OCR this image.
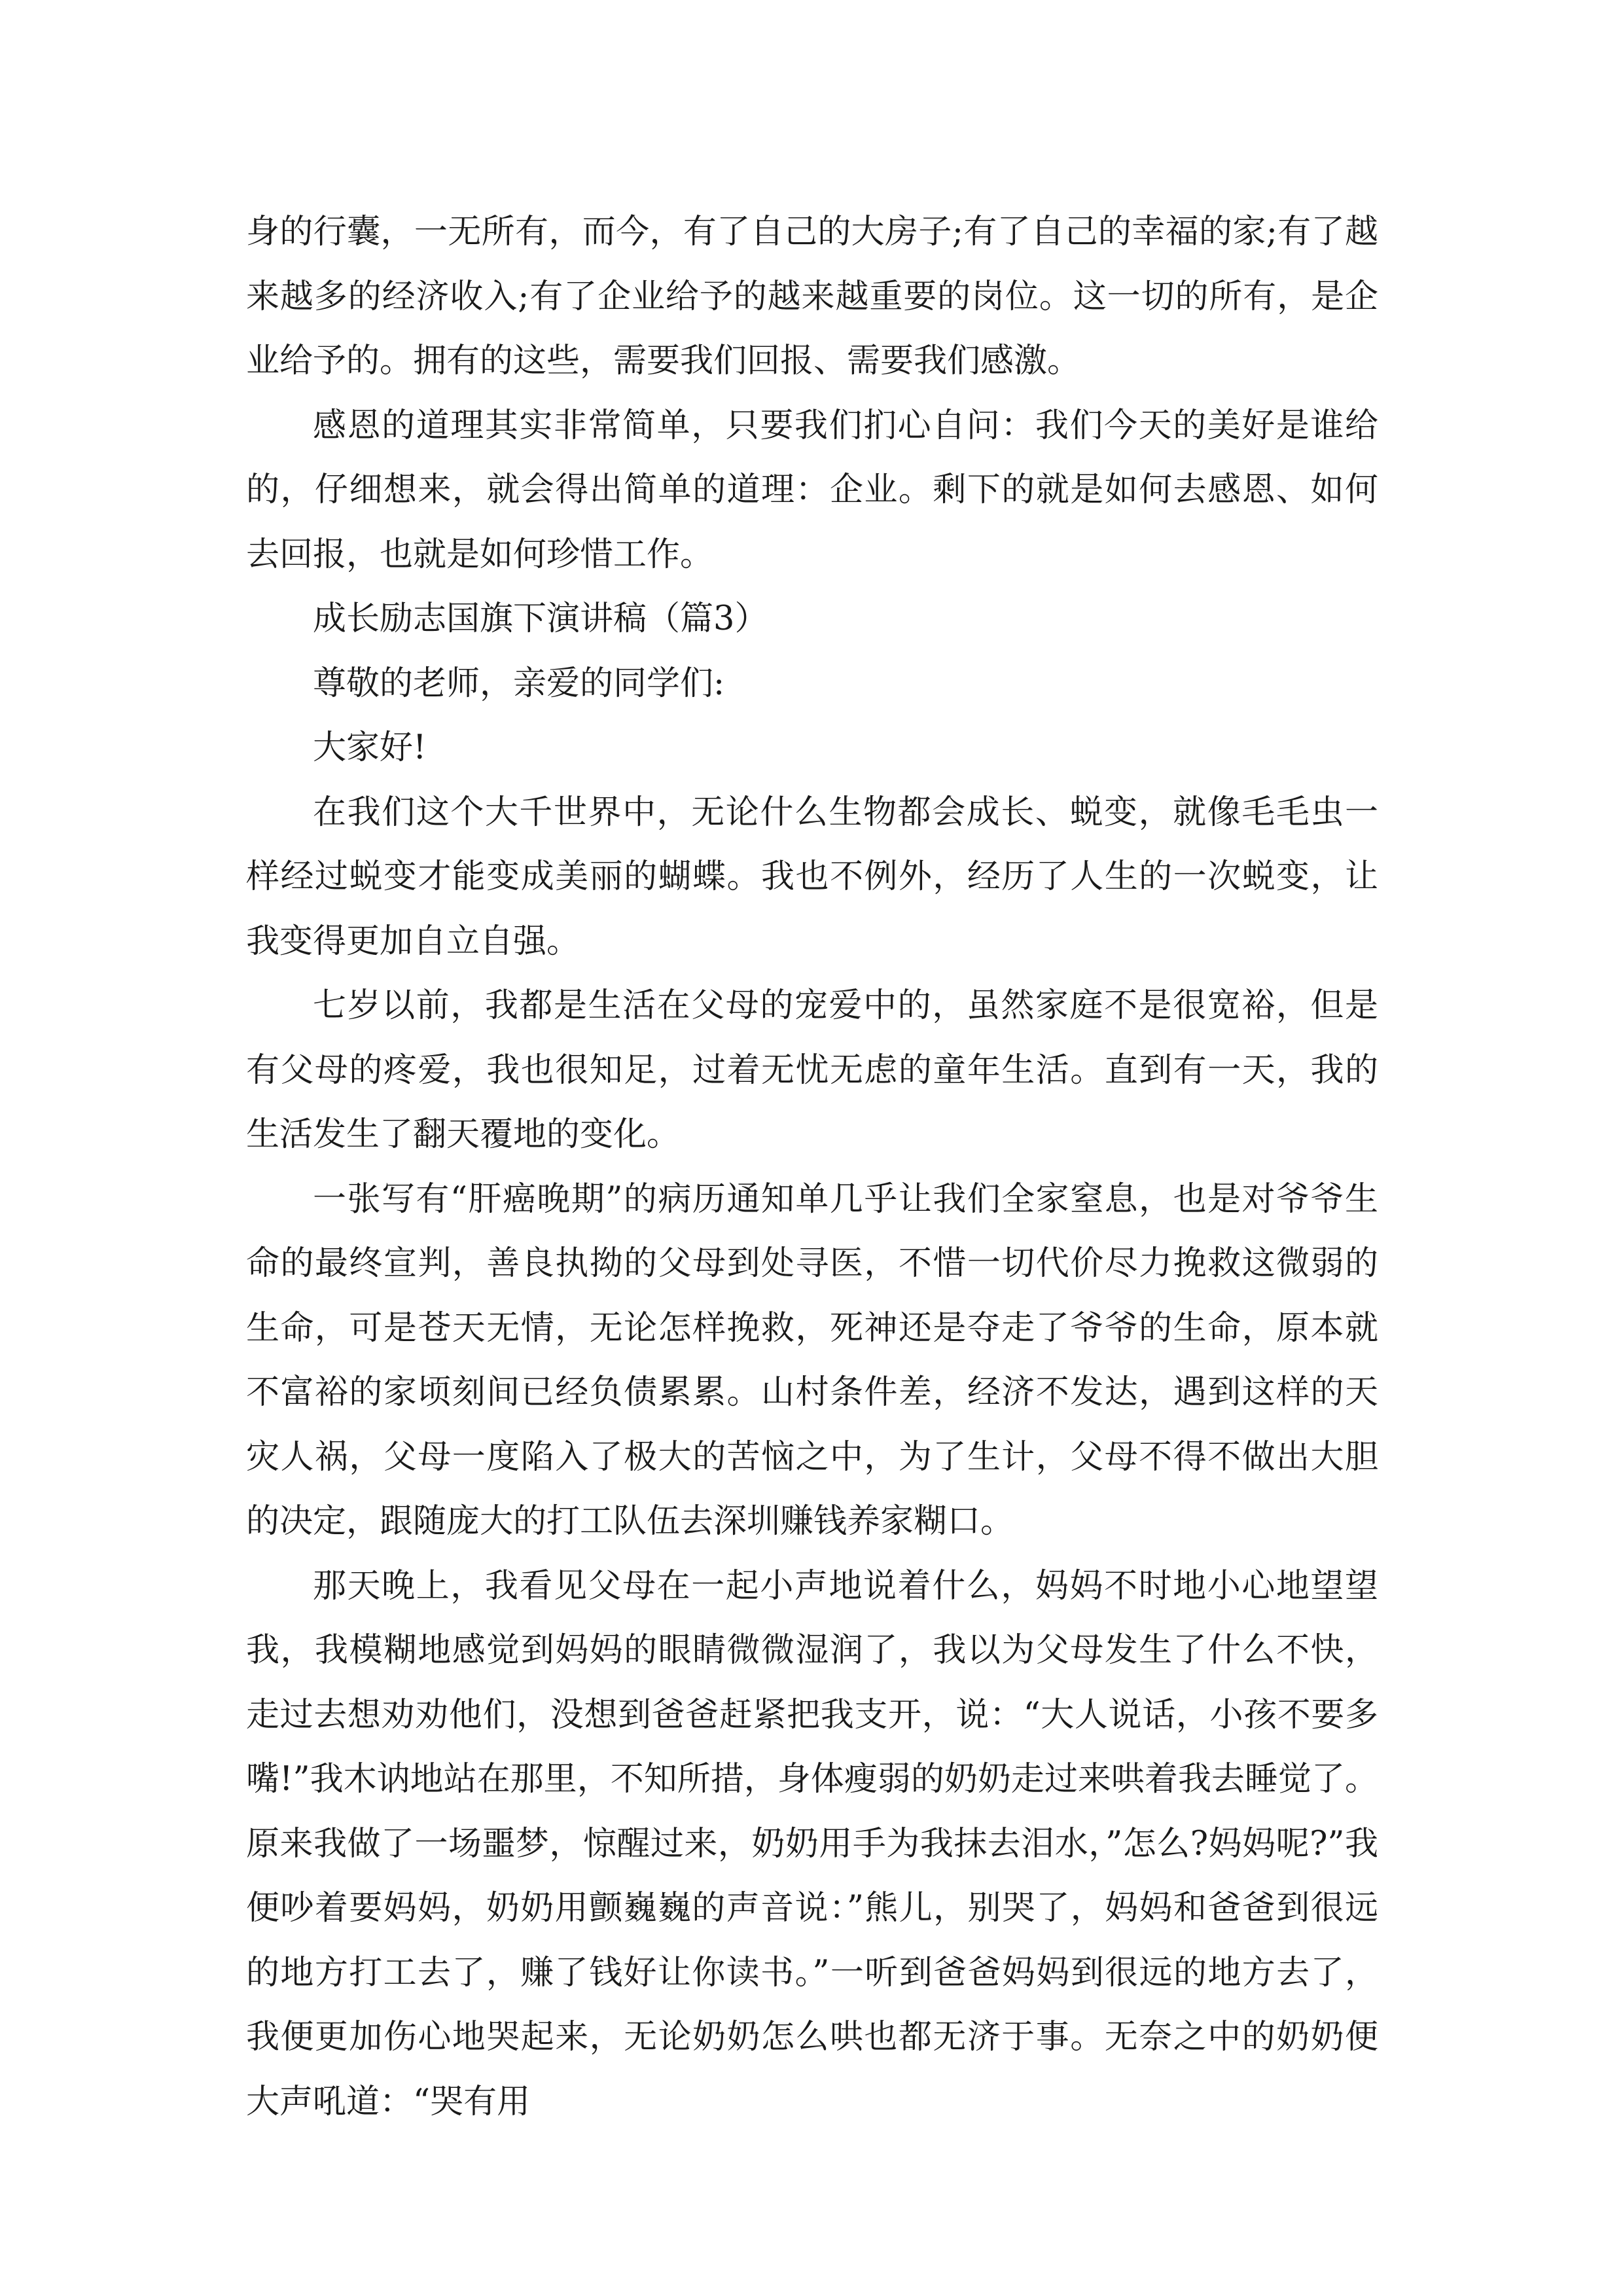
身的行囊，一无所有，而今，有了自己的大房子;有了自己的幸福的家;有了越来越多的经济收入;有了企业给予的越来越重要的岗位。这一切的所有，是企业给予的。拥有的这些，需要我们回报、需要我们感激。

感恩的道理其实非常简单，只要我们扪心自问：我们今天的美好是谁给的，仔细想来，就会得出简单的道理：企业。剩下的就是如何去感恩、如何去回报，也就是如何珍惜工作。

成长励志国旗下演讲稿（篇3）

尊敬的老师，亲爱的同学们:

大家好!

在我们这个大千世界中，无论什么生物都会成长、蜕变，就像毛毛虫一样经过蜕变才能变成美丽的蝴蝶。我也不例外，经历了人生的一次蜕变，让我变得更加自立自强。

七岁以前，我都是生活在父母的宠爱中的，虽然家庭不是很宽裕，但是有父母的疼爱，我也很知足，过着无忧无虑的童年生活。直到有一天，我的生活发生了翻天覆地的变化。

一张写有“肝癌晚期”的病历通知单几乎让我们全家窒息，也是对爷爷生命的最终宣判，善良执拗的父母到处寻医，不惜一切代价尽力挽救这微弱的生命，可是苍天无情，无论怎样挽救，死神还是夺走了爷爷的生命，原本就不富裕的家顷刻间已经负债累累。山村条件差，经济不发达，遇到这样的天灾人祸，父母一度陷入了极大的苦恼之中，为了生计，父母不得不做出大胆的决定，跟随庞大的打工队伍去深圳赚钱养家糊口。

那天晚上，我看见父母在一起小声地说着什么，妈妈不时地小心地望望我，我模糊地感觉到妈妈的眼睛微微湿润了，我以为父母发生了什么不快，走过去想劝劝他们，没想到爸爸赶紧把我支开，说：“大人说话，小孩不要多嘴!”我木讷地站在那里，不知所措，身体瘦弱的奶奶走过来哄着我去睡觉了。原来我做了一场噩梦，惊醒过来，奶奶用手为我抹去泪水，”怎么?妈妈呢?”我便吵着要妈妈，奶奶用颤巍巍的声音说：”熊儿，别哭了，妈妈和爸爸到很远的地方打工去了，赚了钱好让你读书。”一听到爸爸妈妈到很远的地方去了，我便更加伤心地哭起来，无论奶奶怎么哄也都无济于事。无奈之中的奶奶便大声吼道：“哭有用
